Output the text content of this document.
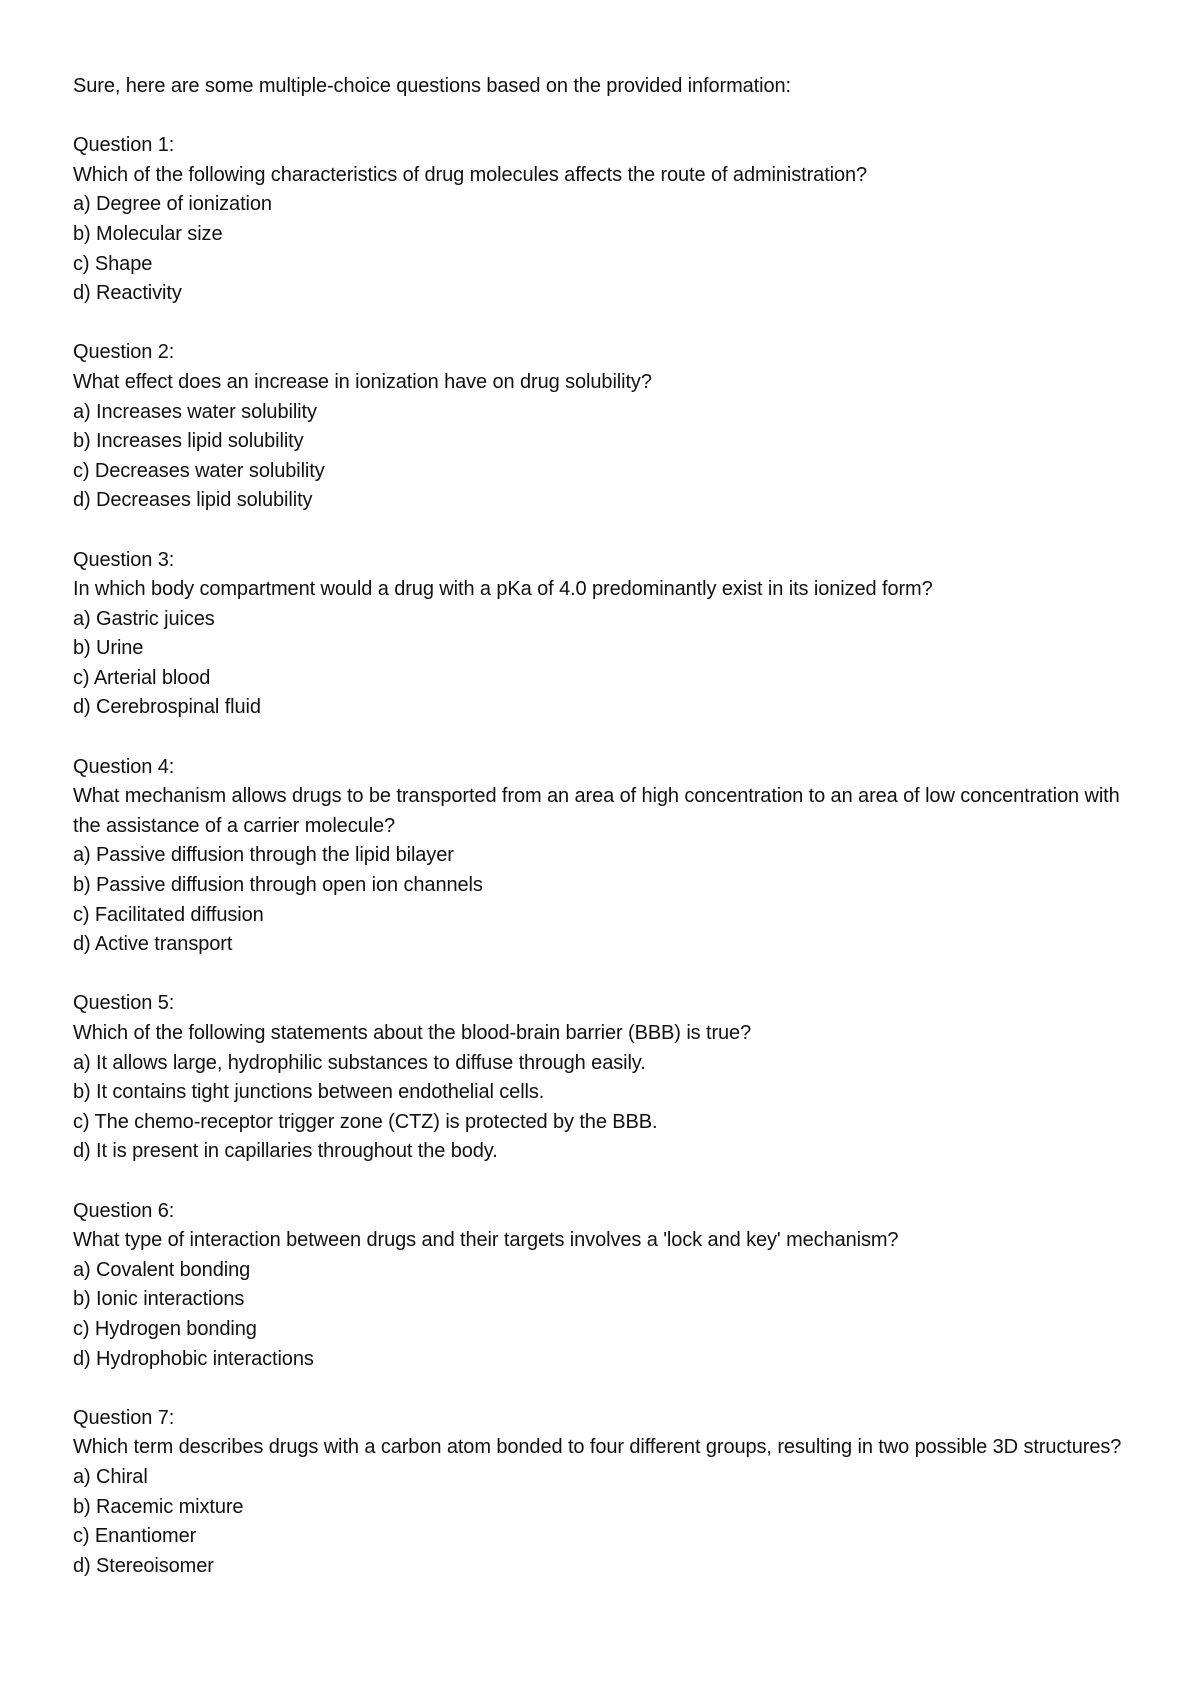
Sure, here are some multiple-choice questions based on the provided information:
Question 1:
Which of the following characteristics of drug molecules affects the route of administration?
a) Degree of ionization
b) Molecular size
c) Shape
d) Reactivity
Question 2:
What effect does an increase in ionization have on drug solubility?
a) Increases water solubility
b) Increases lipid solubility
c) Decreases water solubility
d) Decreases lipid solubility
Question 3:
In which body compartment would a drug with a pKa of 4.0 predominantly exist in its ionized form?
a) Gastric juices
b) Urine
c) Arterial blood
d) Cerebrospinal fluid
Question 4:
What mechanism allows drugs to be transported from an area of high concentration to an area of low concentration with the assistance of a carrier molecule?
a) Passive diffusion through the lipid bilayer
b) Passive diffusion through open ion channels
c) Facilitated diffusion
d) Active transport
Question 5:
Which of the following statements about the blood-brain barrier (BBB) is true?
a) It allows large, hydrophilic substances to diffuse through easily.
b) It contains tight junctions between endothelial cells.
c) The chemo-receptor trigger zone (CTZ) is protected by the BBB.
d) It is present in capillaries throughout the body.
Question 6:
What type of interaction between drugs and their targets involves a 'lock and key' mechanism?
a) Covalent bonding
b) Ionic interactions
c) Hydrogen bonding
d) Hydrophobic interactions
Question 7:
Which term describes drugs with a carbon atom bonded to four different groups, resulting in two possible 3D structures?
a) Chiral
b) Racemic mixture
c) Enantiomer
d) Stereoisomer
